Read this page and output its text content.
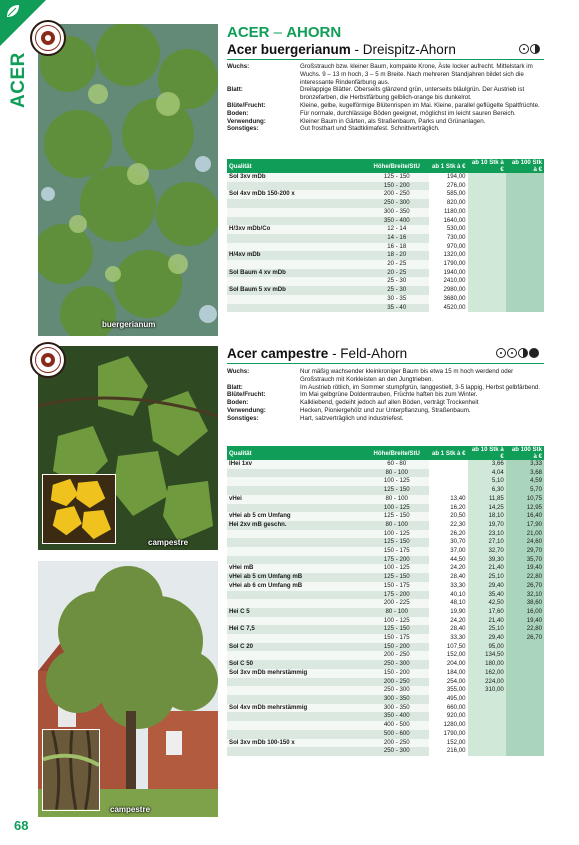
ACER
68
buergerianum
campestre
campestre
ACER – AHORN
Acer buergerianum - Dreispitz-Ahorn
Wuchs:	Großstrauch bzw. kleiner Baum, kompakte Krone, Äste locker aufrecht. Mittelstark im Wuchs. 9 – 13 m hoch, 3 – 5 m Breite. Nach mehreren Standjahren bildet sich die interessante Rindenfärbung aus.
Blatt:	Dreilappige Blätter. Oberseits glänzend grün, unterseits bläulgrün. Der Austrieb ist bronzefarben, die Herbstfärbung gelblich-orange bis dunkelrot.
Blüte/Frucht:	Kleine, gelbe, kugelförmige Blütenrispen im Mai. Kleine, parallel geflügelte Spaltfrüchte.
Boden:	Für normale, durchlässige Böden geeignet, möglichst im leicht sauren Bereich.
Verwendung:	Kleiner Baum in Gärten, als Straßenbaum, Parks und Grünanlagen.
Sonstiges:	Gut frosthart und Stadtklimafest. Schnittverträglich.
Qualität	Höhe/Breite/StU	ab 1 Stk à €	ab 10 Stk à €	ab 100 Stk à €
Sol 3xv mDb	125 - 150	194,00		
	150 - 200	276,00		
Sol 4xv mDb 150-200 x	200 - 250	585,00		
	250 - 300	820,00		
	300 - 350	1180,00		
	350 - 400	1640,00		
H/3xv mDb/Co	12 - 14	530,00		
	14 - 16	730,00		
	16 - 18	970,00		
H/4xv mDb	18 - 20	1320,00		
	20 - 25	1790,00		
Sol Baum 4 xv mDb	20 - 25	1940,00		
	25 - 30	2410,00		
Sol Baum 5 xv mDb	25 - 30	2980,00		
	30 - 35	3680,00		
	35 - 40	4520,00		
Acer campestre - Feld-Ahorn
Wuchs:	Nur mäßig wachsender kleinkroniger Baum bis etwa 15 m hoch werdend oder Großstrauch mit Korkleisten an den Jungtrieben.
Blatt:	Im Austrieb rötlich, im Sommer stumpfgrün, langgestielt, 3-5 lappig, Herbst gelbfärbend.
Blüte/Frucht:	Im Mai gelbgrüne Doldentrauben, Früchte haften bis zum Winter.
Boden:	Kalkliebend, gedeiht jedoch auf allen Böden, verträgt Trockenheit
Verwendung:	Hecken, Pioniergehölz und zur Unterpflanzung, Straßenbaum.
Sonstiges:	Hart, salzverträglich und industriefest.
Qualität	Höhe/Breite/StU	ab 1 Stk à €	ab 10 Stk à €	ab 100 Stk à €
lHei 1xv	60 - 80		3,66	3,33
	80 - 100		4,04	3,68
	100 - 125		5,10	4,59
	125 - 150		6,30	5,70
vHei	80 - 100	13,40	11,85	10,75
	100 - 125	16,20	14,25	12,95
vHei ab 5 cm Umfang	125 - 150	20,50	18,10	16,40
Hei 2xv mB geschn.	80 - 100	22,30	19,70	17,90
	100 - 125	26,20	23,10	21,00
	125 - 150	30,70	27,10	24,60
	150 - 175	37,00	32,70	29,70
	175 - 200	44,50	39,30	35,70
vHei mB	100 - 125	24,20	21,40	19,40
vHei ab 5 cm Umfang mB	125 - 150	28,40	25,10	22,80
vHei ab 6 cm Umfang mB	150 - 175	33,30	29,40	26,70
	175 - 200	40,10	35,40	32,10
	200 - 225	48,10	42,50	38,60
Hei C 5	80 - 100	19,90	17,60	16,00
	100 - 125	24,20	21,40	19,40
Hei C 7,5	125 - 150	28,40	25,10	22,80
	150 - 175	33,30	29,40	26,70
Sol C 20	150 - 200	107,50	95,00	
	200 - 250	152,00	134,50	
Sol C 50	250 - 300	204,00	180,00	
Sol 3xv mDb mehrstämmig	150 - 200	184,00	162,00	
	200 - 250	254,00	224,00	
	250 - 300	355,00	310,00	
	300 - 350	495,00		
Sol 4xv mDb mehrstämmig	300 - 350	660,00		
	350 - 400	920,00		
	400 - 500	1280,00		
	500 - 600	1790,00		
Sol 3xv mDb 100-150 x	200 - 250	152,00		
	250 - 300	216,00		
